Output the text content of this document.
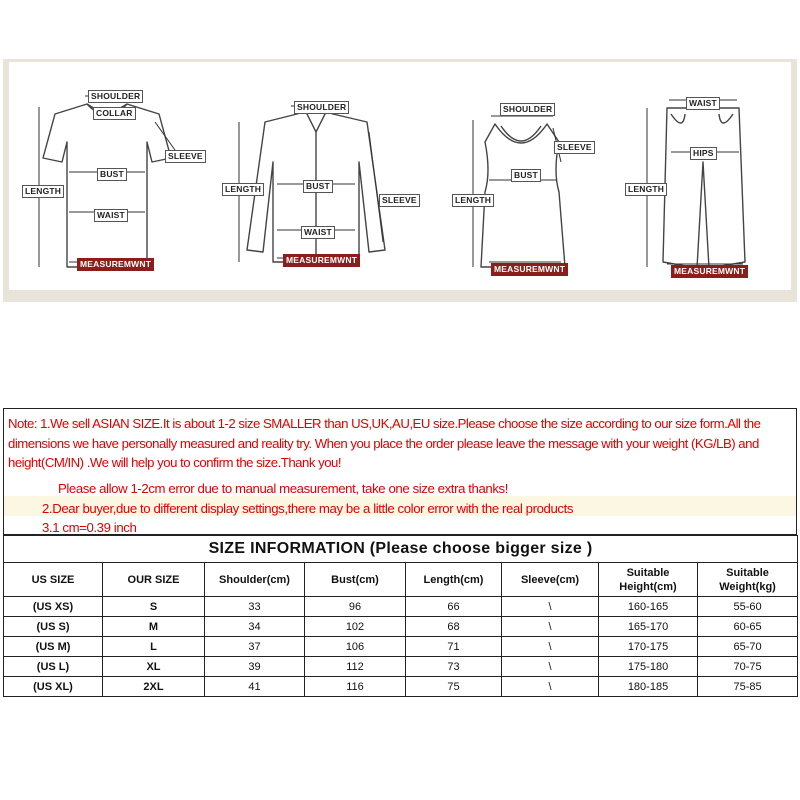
SHOULDER
COLLAR
SLEEVE
BUST
LENGTH
WAIST
MEASUREMWNT
SHOULDER
BUST
LENGTH
SLEEVE
WAIST
MEASUREMWNT
SHOULDER
SLEEVE
BUST
LENGTH
MEASUREMWNT
WAIST
HIPS
LENGTH
MEASUREMWNT
Note: 1.We sell ASIAN SIZE.It is about 1-2 size SMALLER than US,UK,AU,EU size.Please choose the size according to our size form.All the dimensions we have personally measured and reality try. When you place the order please leave the message with your weight (KG/LB) and height(CM/IN) .We will help you to confirm the size.Thank you!
Please allow 1-2cm error due to manual measurement, take one size extra thanks!
2.Dear buyer,due to different display settings,there may be a little color error with the real products
3.1 cm=0.39 inch
SIZE INFORMATION (Please choose bigger size )							
US SIZE	OUR SIZE	Shoulder(cm)	Bust(cm)	Length(cm)	Sleeve(cm)	Suitable Height(cm)	Suitable Weight(kg)
(US XS)	S	33	96	66	\	160-165	55-60
(US S)	M	34	102	68	\	165-170	60-65
(US M)	L	37	106	71	\	170-175	65-70
(US L)	XL	39	112	73	\	175-180	70-75
(US XL)	2XL	41	116	75	\	180-185	75-85
